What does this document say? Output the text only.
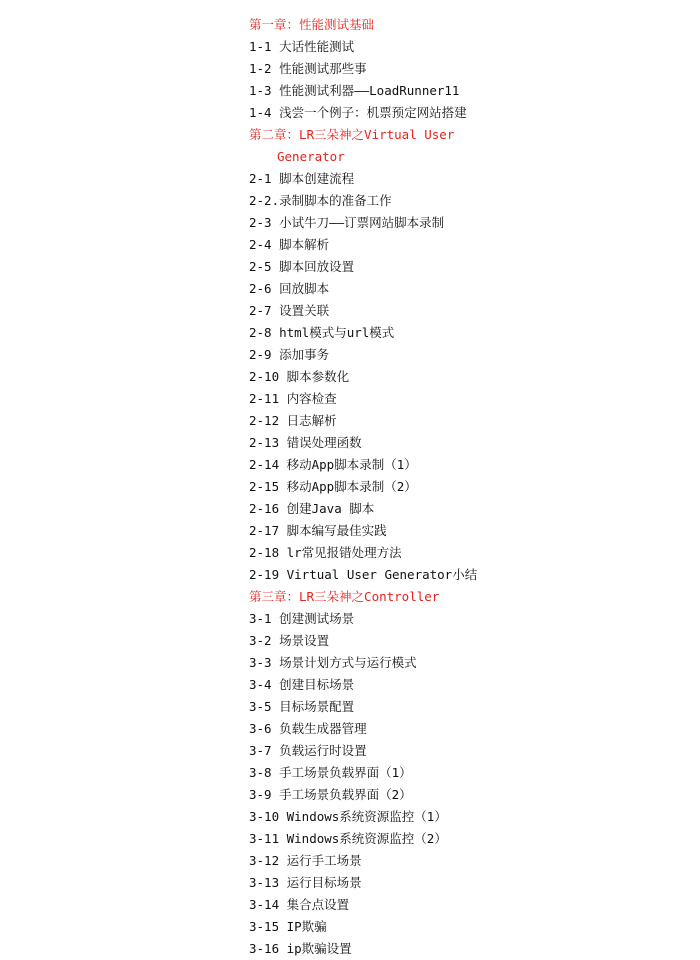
第一章：性能测试基础
1-1 大话性能测试
1-2 性能测试那些事
1-3 性能测试利器——LoadRunner11
1-4 浅尝一个例子：机票预定网站搭建
第二章：LR三朵神之Virtual User
Generator
2-1 脚本创建流程
2-2.录制脚本的准备工作
2-3 小试牛刀——订票网站脚本录制
2-4 脚本解析
2-5 脚本回放设置
2-6 回放脚本
2-7 设置关联
2-8 html模式与url模式
2-9 添加事务
2-10 脚本参数化
2-11 内容检查
2-12 日志解析
2-13 错误处理函数
2-14 移动App脚本录制（1）
2-15 移动App脚本录制（2）
2-16 创建Java 脚本
2-17 脚本编写最佳实践
2-18 lr常见报错处理方法
2-19 Virtual User Generator小结
第三章：LR三朵神之Controller
3-1 创建测试场景
3-2 场景设置
3-3 场景计划方式与运行模式
3-4 创建目标场景
3-5 目标场景配置
3-6 负载生成器管理
3-7 负载运行时设置
3-8 手工场景负载界面（1）
3-9 手工场景负载界面（2）
3-10 Windows系统资源监控（1）
3-11 Windows系统资源监控（2）
3-12 运行手工场景
3-13 运行目标场景
3-14 集合点设置
3-15 IP欺骗
3-16 ip欺骗设置
